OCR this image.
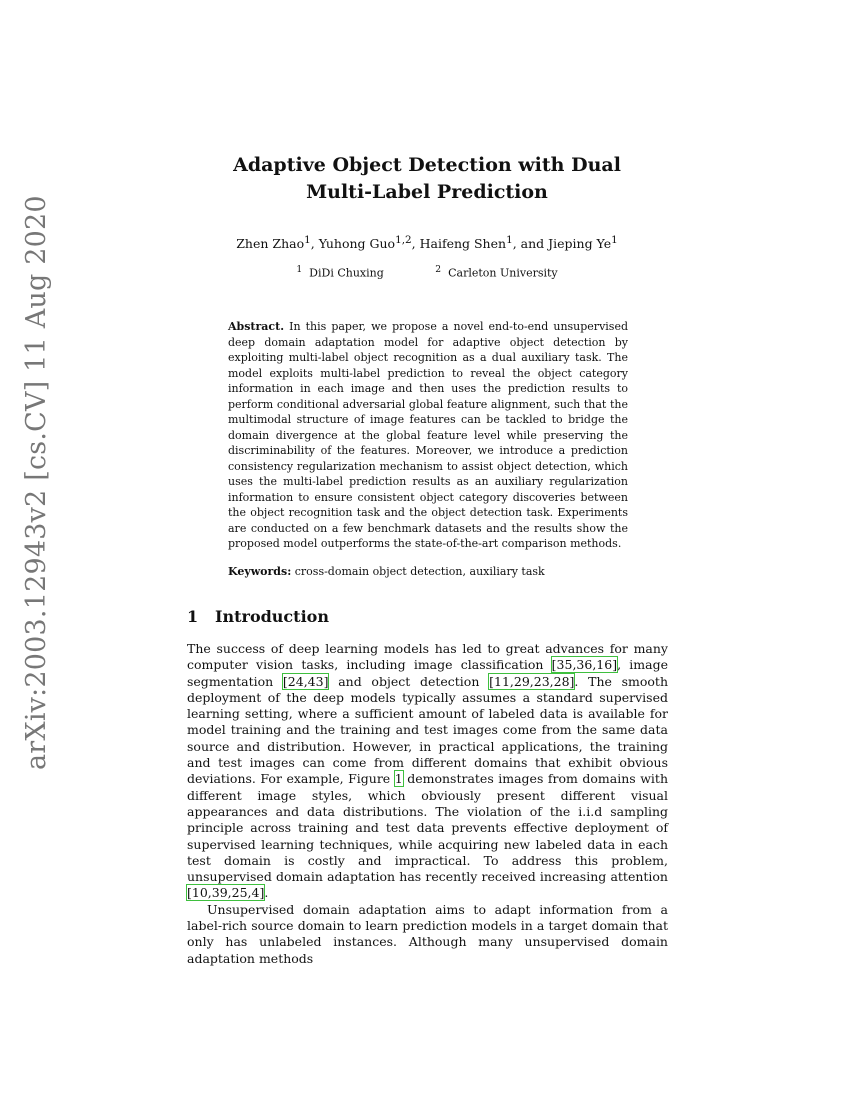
arXiv:2003.12943v2 [cs.CV] 11 Aug 2020
Adaptive Object Detection with Dual
Multi-Label Prediction
Zhen Zhao$^1$, Yuhong Guo$^{1,2}$, Haifeng Shen$^1$, and Jieping Ye$^1$
$^1$ DiDi Chuxing	$^2$ Carleton University
Abstract. In this paper, we propose a novel end-to-end unsupervised deep domain adaptation model for adaptive object detection by exploiting multi-label object recognition as a dual auxiliary task. The model exploits multi-label prediction to reveal the object category information in each image and then uses the prediction results to perform conditional adversarial global feature alignment, such that the multimodal structure of image features can be tackled to bridge the domain divergence at the global feature level while preserving the discriminability of the features. Moreover, we introduce a prediction consistency regularization mechanism to assist object detection, which uses the multi-label prediction results as an auxiliary regularization information to ensure consistent object category discoveries between the object recognition task and the object detection task. Experiments are conducted on a few benchmark datasets and the results show the proposed model outperforms the state-of-the-art comparison methods.
Keywords: cross-domain object detection, auxiliary task
1 Introduction

The success of deep learning models has led to great advances for many computer vision tasks, including image classification [35,36,16], image segmentation [24,43] and object detection [11,29,23,28]. The smooth deployment of the deep models typically assumes a standard supervised learning setting, where a sufficient amount of labeled data is available for model training and the training and test images come from the same data source and distribution. However, in practical applications, the training and test images can come from different domains that exhibit obvious deviations. For example, Figure 1 demonstrates images from domains with different image styles, which obviously present different visual appearances and data distributions. The violation of the i.i.d sampling principle across training and test data prevents effective deployment of supervised learning techniques, while acquiring new labeled data in each test domain is costly and impractical. To address this problem, unsupervised domain adaptation has recently received increasing attention [10,39,25,4].

Unsupervised domain adaptation aims to adapt information from a label-rich source domain to learn prediction models in a target domain that only has unlabeled instances. Although many unsupervised domain adaptation methods
